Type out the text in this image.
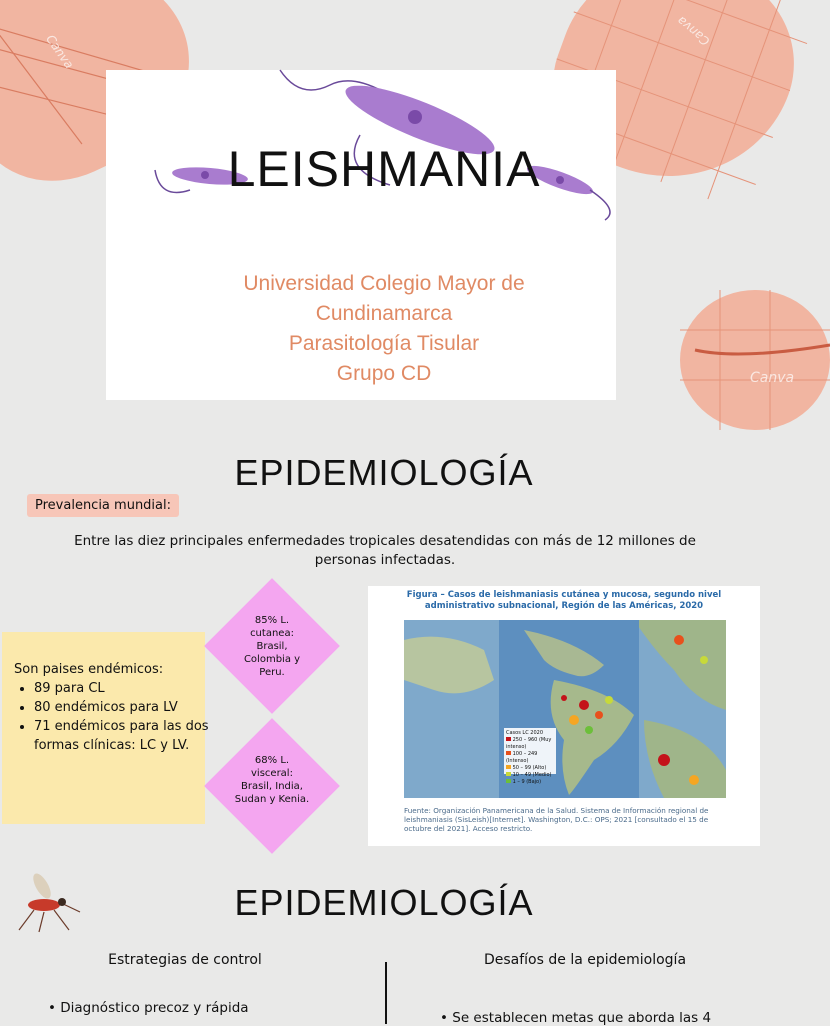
Canva
Canva
Canva
LEISHMANIA
Universidad Colegio Mayor de
Cundinamarca
Parasitología Tisular
Grupo CD
EPIDEMIOLOGÍA
Prevalencia mundial:
Entre las diez principales enfermedades tropicales desatendidas con más de 12 millones de personas infectadas.
Son paises endémicos:
• 89 para CL
• 80 endémicos para LV
• 71 endémicos para las dos formas clínicas: LC y LV.
85% L. cutanea: Brasil, Colombia y Peru.
68% L. visceral: Brasil, India, Sudan y Kenia.
Figura – Casos de leishmaniasis cutánea y mucosa, segundo nivel administrativo subnacional, Región de las Américas, 2020
Casos LC 2020
250 – 960 (Muy intenso)
100 – 249 (Intenso)
50 – 99 (Alto)
10 – 49 (Medio)
1 – 9 (Bajo)
Fuente: Organización Panamericana de la Salud. Sistema de Información regional de leishmaniasis (SisLeish)[Internet]. Washington, D.C.: OPS; 2021 [consultado el 15 de octubre del 2021]. Acceso restricto.
EPIDEMIOLOGÍA
Estrategias de control	Desafíos de la epidemiología
• Diagnóstico precoz y rápida
• Se establecen metas que aborda las 4
